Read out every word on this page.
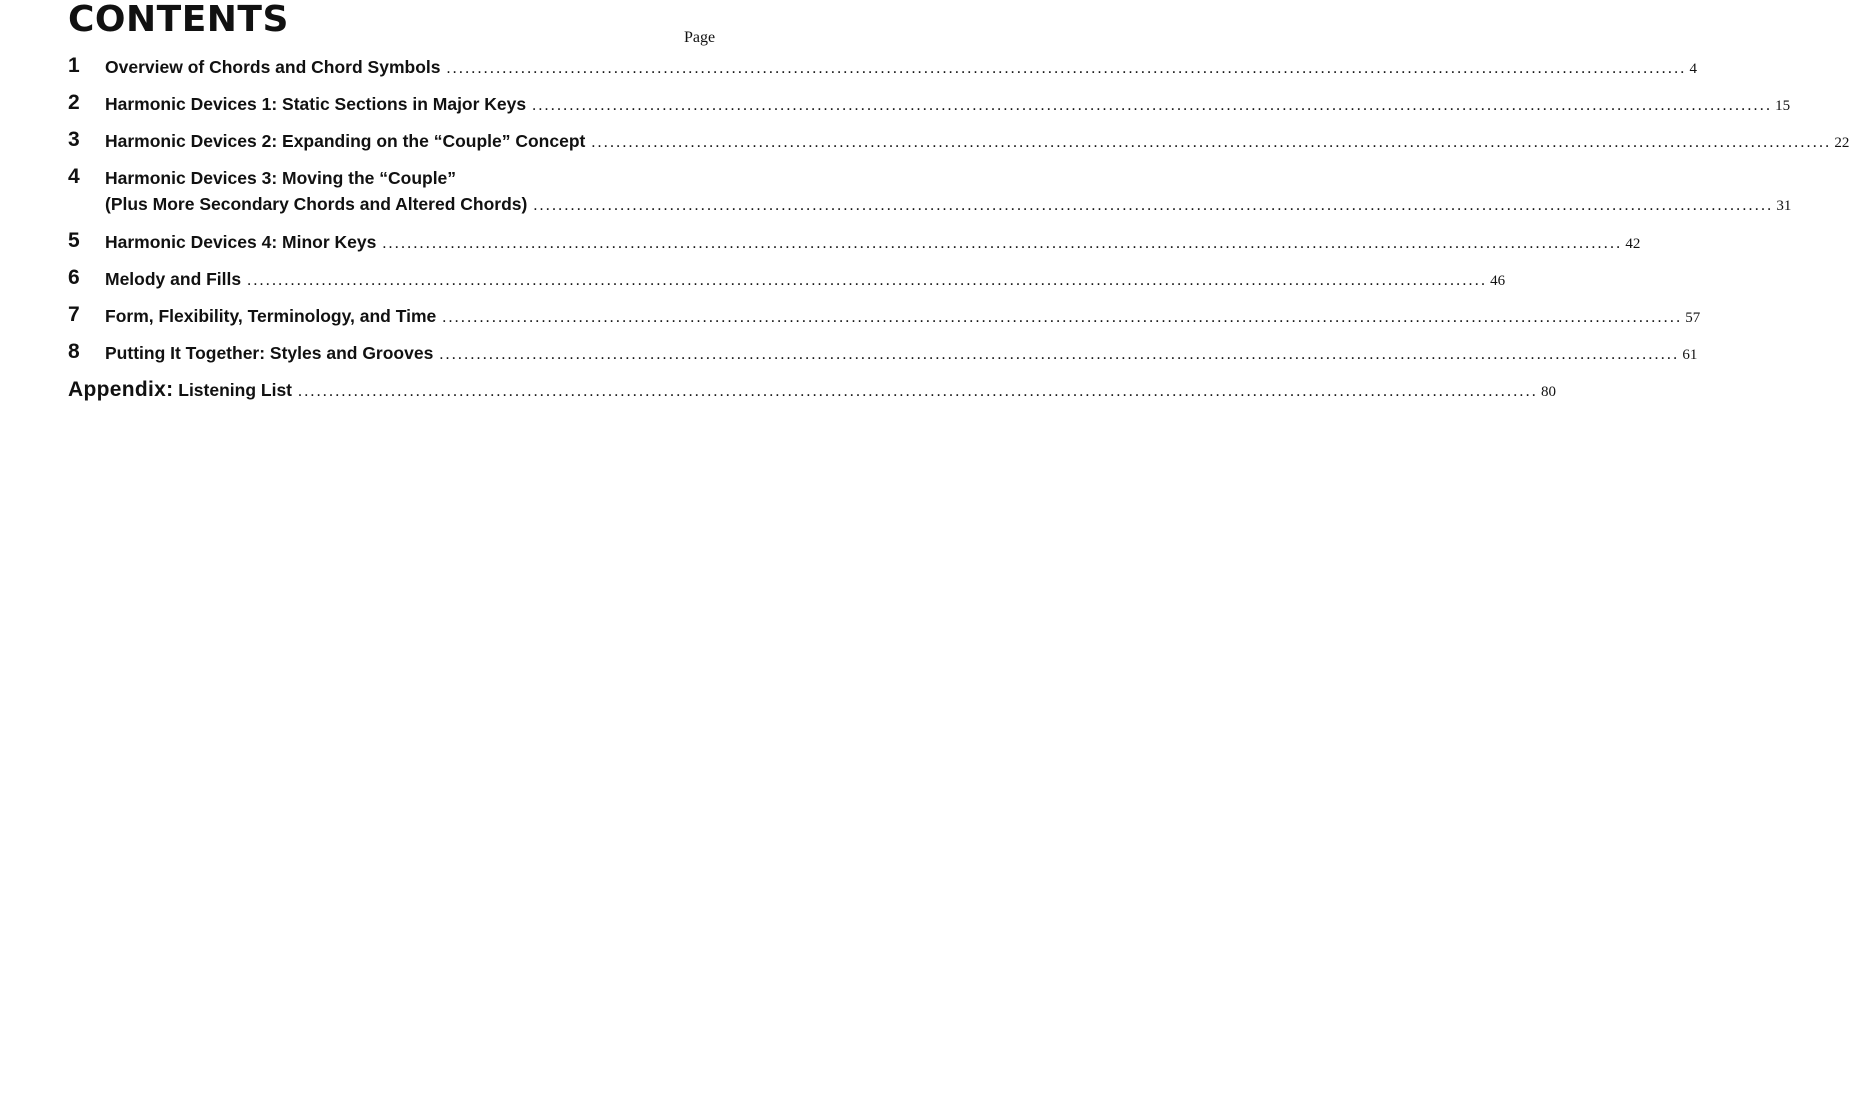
CONTENTS	Page
1 Overview of Chords and Chord Symbols ........................................................................................................................................................................................................ 4
2 Harmonic Devices 1: Static Sections in Major Keys ........................................................................................................................................................................................................ 15
3 Harmonic Devices 2: Expanding on the “Couple” Concept ........................................................................................................................................................................................................ 22
4 Harmonic Devices 3: Moving the “Couple”
(Plus More Secondary Chords and Altered Chords) ........................................................................................................................................................................................................ 31
5 Harmonic Devices 4: Minor Keys ........................................................................................................................................................................................................ 42
6 Melody and Fills ........................................................................................................................................................................................................ 46
7 Form, Flexibility, Terminology, and Time ........................................................................................................................................................................................................ 57
8 Putting It Together: Styles and Grooves ........................................................................................................................................................................................................ 61
Appendix: Listening List ........................................................................................................................................................................................................ 80
